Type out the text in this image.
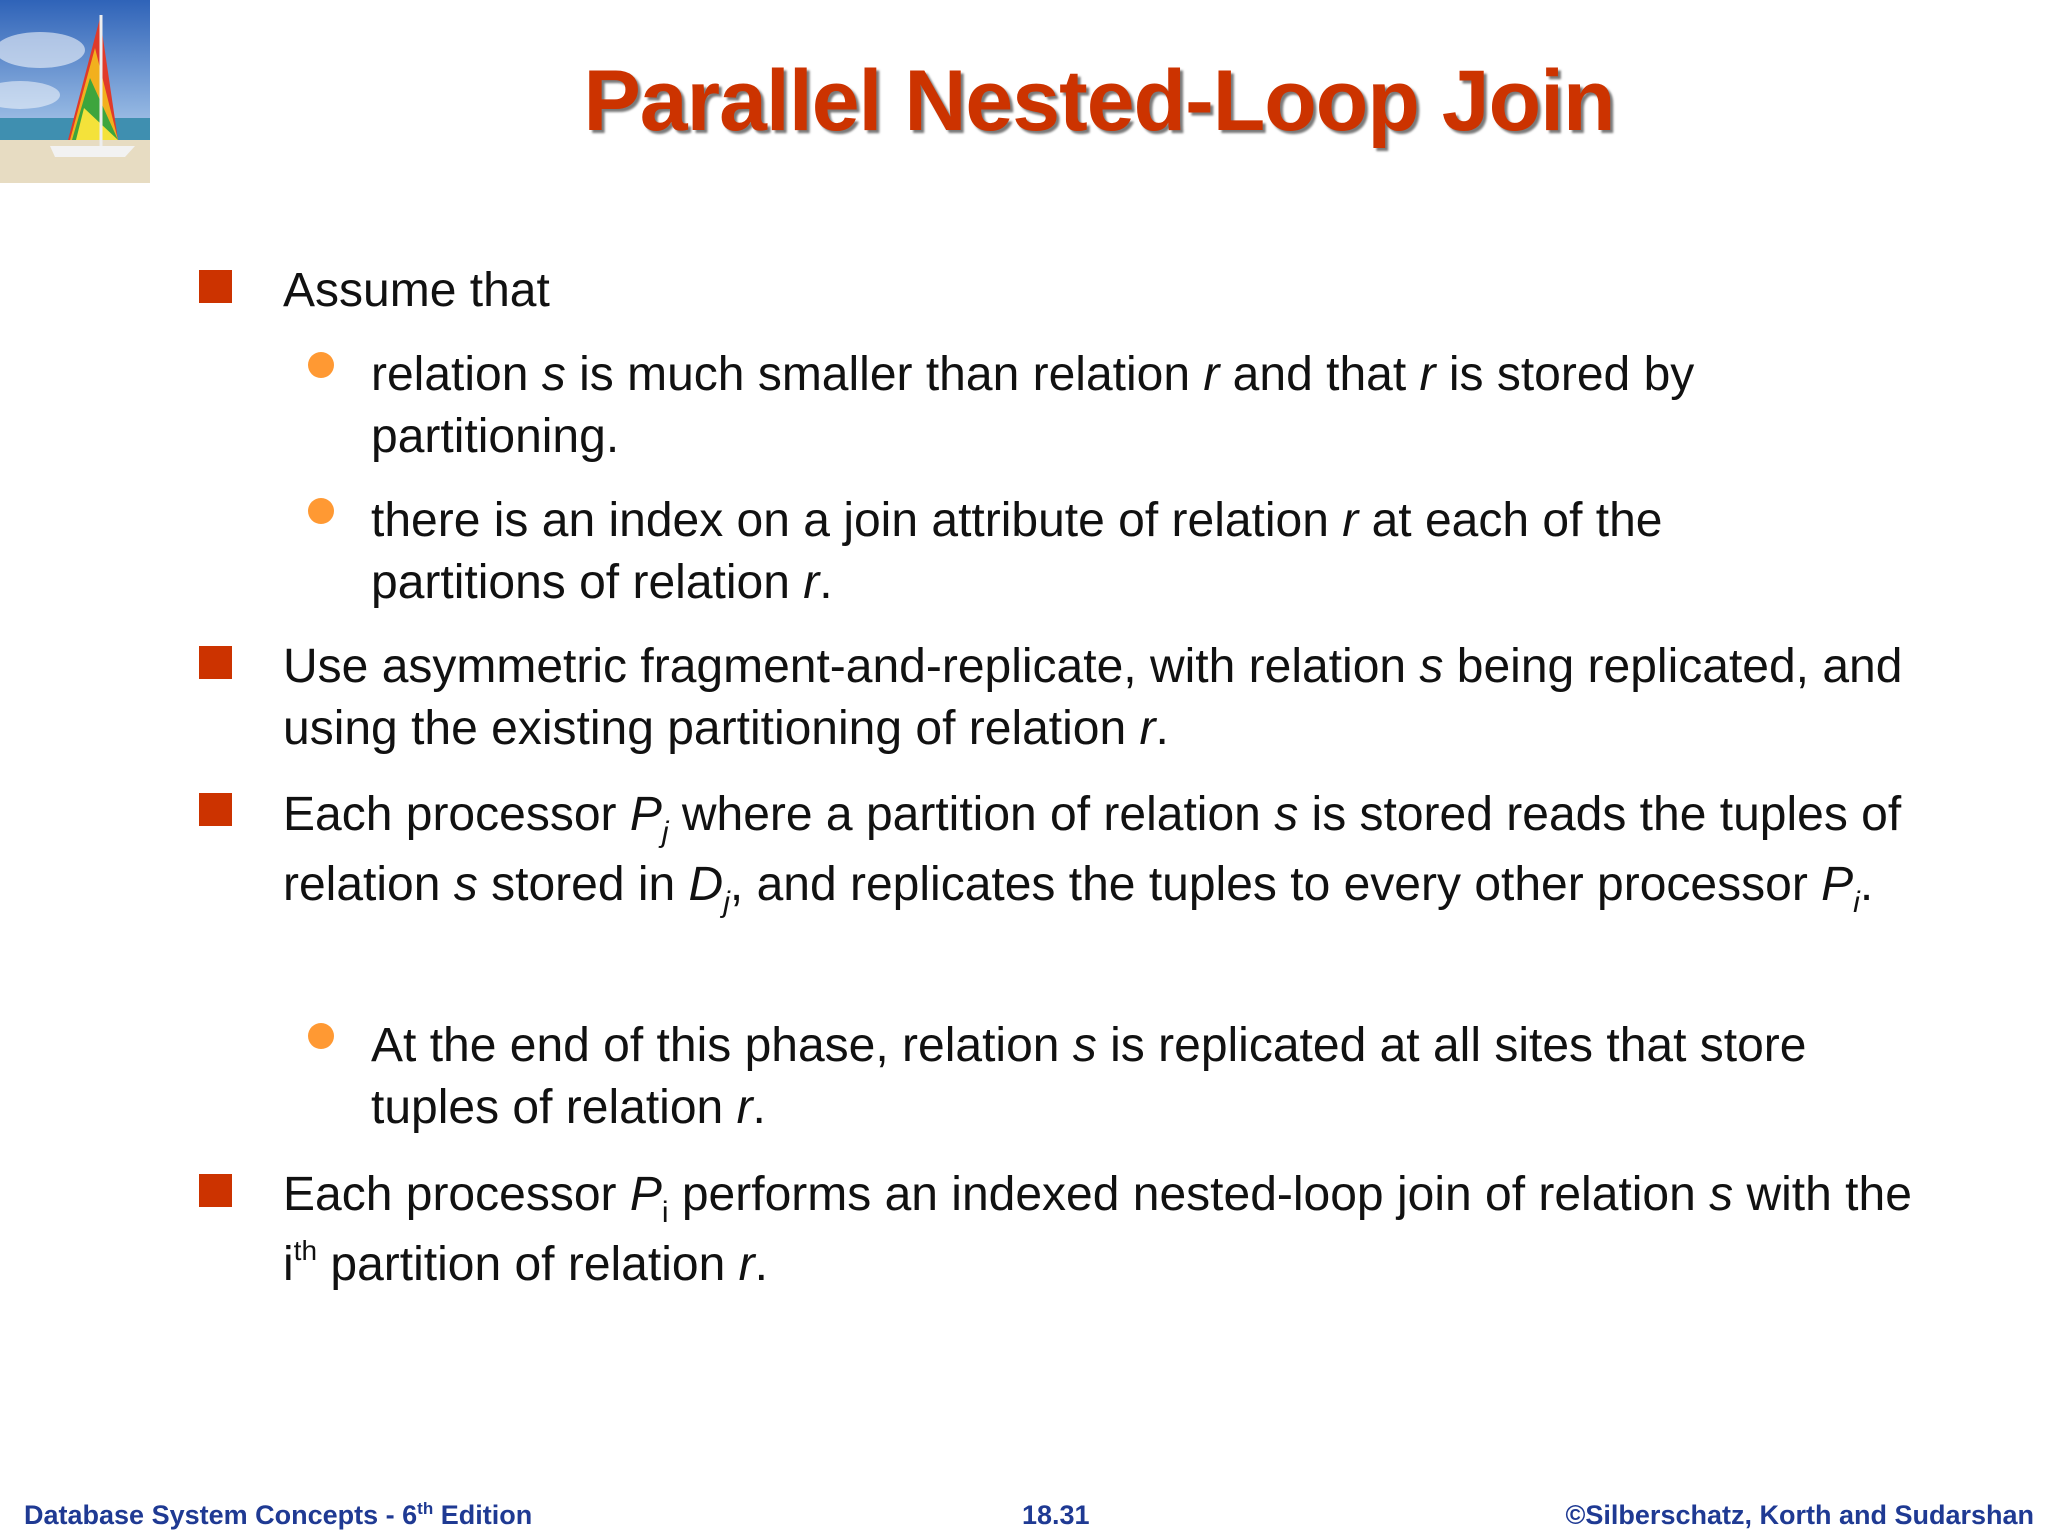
Parallel Nested-Loop Join
Assume that
relation s is much smaller than relation r and that r is stored by partitioning.
there is an index on a join attribute of relation r at each of the partitions of relation r.
Use asymmetric fragment-and-replicate, with relation s being replicated, and using the existing partitioning of relation r.
Each processor $P_j$ where a partition of relation s is stored reads the tuples of relation s stored in $D_j$, and replicates the tuples to every other processor $P_i$.
At the end of this phase, relation s is replicated at all sites that store tuples of relation r.
Each processor $P_i$ performs an indexed nested-loop join of relation s with the $i^{th}$ partition of relation r.
Database System Concepts - 6th Edition	18.31	©Silberschatz, Korth and Sudarshan
